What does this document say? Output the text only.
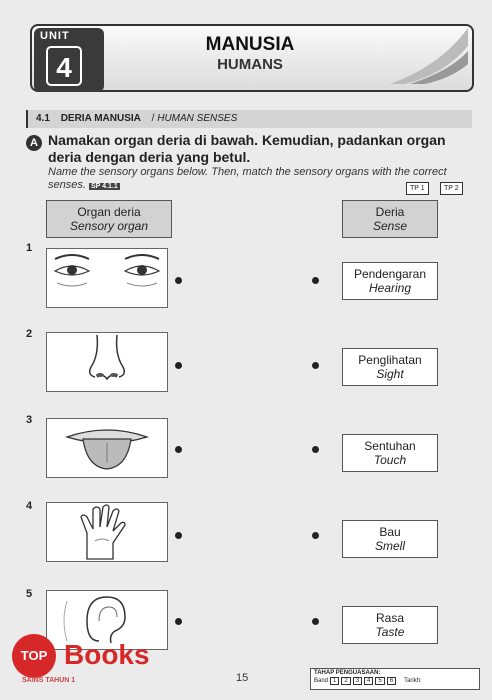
UNIT
4
MANUSIA
HUMANS
4.1 DERIA MANUSIA / HUMAN SENSES
A Namakan organ deria di bawah. Kemudian, padankan organ deria dengan deria yang betul.
Name the sensory organs below. Then, match the sensory organs with the correct senses. SP 4.1.1	TP 1	TP 2
Organ deria
Sensory organ
Deria
Sense
1
Pendengaran
Hearing
2
Penglihatan
Sight
3
Sentuhan
Touch
4
Bau
Smell
5
Rasa
Taste
15	TAHAP PENGUASAAN:
Band 1	2	3	4	5	6	Tarikh:
TOP Books
SAINS TAHUN 1
